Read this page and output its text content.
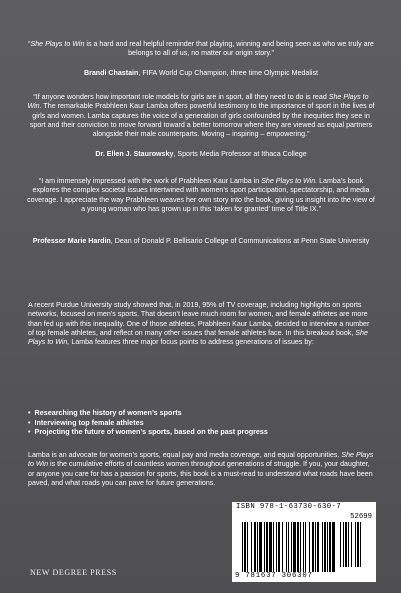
“She Plays to Win is a hard and real helpful reminder that playing, winning and being seen as who we truly are belongs to all of us, no matter our origin story.”

Brandi Chastain, FIFA World Cup Champion, three time Olympic Medalist

“If anyone wonders how important role models for girls are in sport, all they need to do is read She Plays to Win. The remarkable Prabhleen Kaur Lamba offers powerful testimony to the importance of sport in the lives of girls and women. Lamba captures the voice of a generation of girls confounded by the inequities they see in sport and their conviction to move forward toward a better tomorrow where they are viewed as equal partners alongside their male counterparts. Moving – inspiring – empowering.”

Dr. Ellen J. Staurowsky, Sports Media Professor at Ithaca College

“I am immensely impressed with the work of Prabhleen Kaur Lamba in She Plays to Win. Lamba’s book explores the complex societal issues intertwined with women’s sport participation, spectatorship, and media coverage. I appreciate the way Prabhleen weaves her own story into the book, giving us insight into the view of a young woman who has grown up in this ‘taken for granted’ time of Title IX.”

Professor Marie Hardin, Dean of Donald P. Bellisario College of Communications at Penn State University

A recent Purdue University study showed that, in 2019, 95% of TV coverage, including highlights on sports networks, focused on men’s sports. That doesn’t leave much room for women, and female athletes are more than fed up with this inequality. One of those athletes, Prabhleen Kaur Lamba, decided to interview a number of top female athletes, and reflect on many other issues that female athletes face. In this breakout book, She Plays to Win, Lamba features three major focus points to address generations of issues by:

• Researching the history of women’s sports
• Interviewing top female athletes
• Projecting the future of women’s sports, based on the past progress

Lamba is an advocate for women’s sports, equal pay and media coverage, and equal opportunities. She Plays to Win is the cumulative efforts of countless women throughout generations of struggle. If you, your daughter, or anyone you care for has a passion for sports, this book is a must-read to understand what roads have been paved, and what roads you can pave for future generations.

NEW DEGREE PRESS
ISBN 978-1-63730-630-7
52699
9 781637 306307
